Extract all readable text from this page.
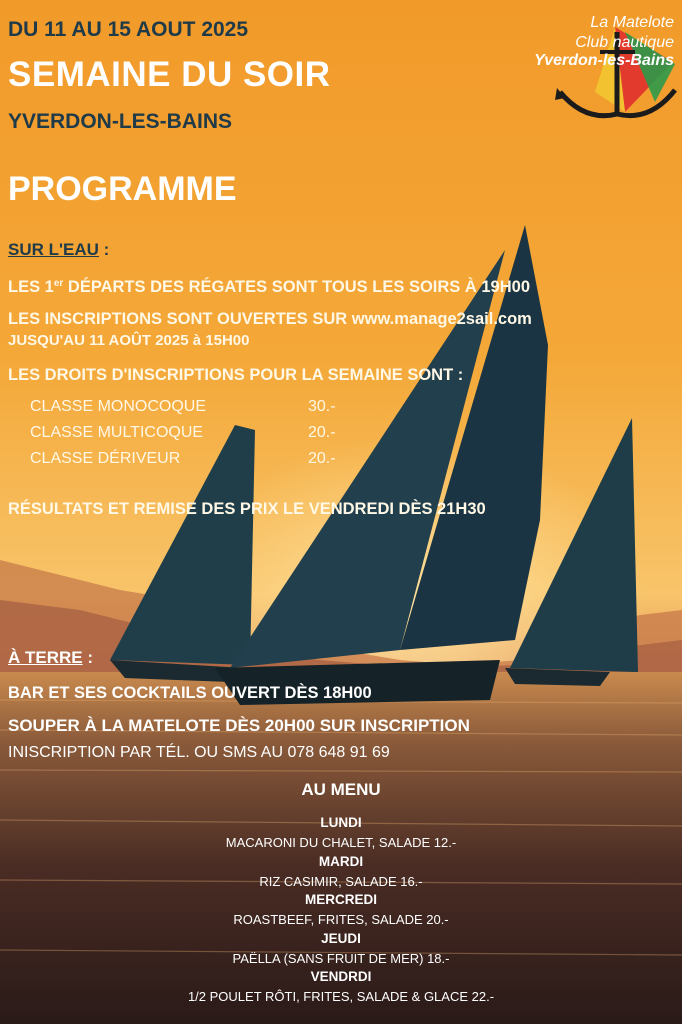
La Matelote

Club nautique

Yverdon-les-Bains

DU 11 AU 15 AOUT 2025
SEMAINE DU SOIR
YVERDON-LES-BAINS
PROGRAMME

SUR L'EAU :

LES 1er DÉPARTS DES RÉGATES SONT TOUS LES SOIRS À 19H00

LES INSCRIPTIONS SONT OUVERTES SUR www.manage2sail.com

JUSQU'AU 11 AOÛT 2025 à 15H00

LES DROITS D'INSCRIPTIONS POUR LA SEMAINE SONT :

CLASSE MONOCOQUE	30.-
CLASSE MULTICOQUE	20.-
CLASSE DÉRIVEUR	20.-

RÉSULTATS ET REMISE DES PRIX LE VENDREDI DÈS 21H30

À TERRE :

BAR ET SES COCKTAILS OUVERT DÈS 18H00

SOUPER À LA MATELOTE DÈS 20H00 SUR INSCRIPTION

INISCRIPTION PAR TÉL. OU SMS AU 078 648 91 69

AU MENU

LUNDI

MACARONI DU CHALET, SALADE 12.-

MARDI

RIZ CASIMIR, SALADE 16.-

MERCREDI

ROASTBEEF, FRITES, SALADE 20.-

JEUDI

PAËLLA (SANS FRUIT DE MER) 18.-

VENDRDI

1/2 POULET RÔTI, FRITES, SALADE & GLACE 22.-
